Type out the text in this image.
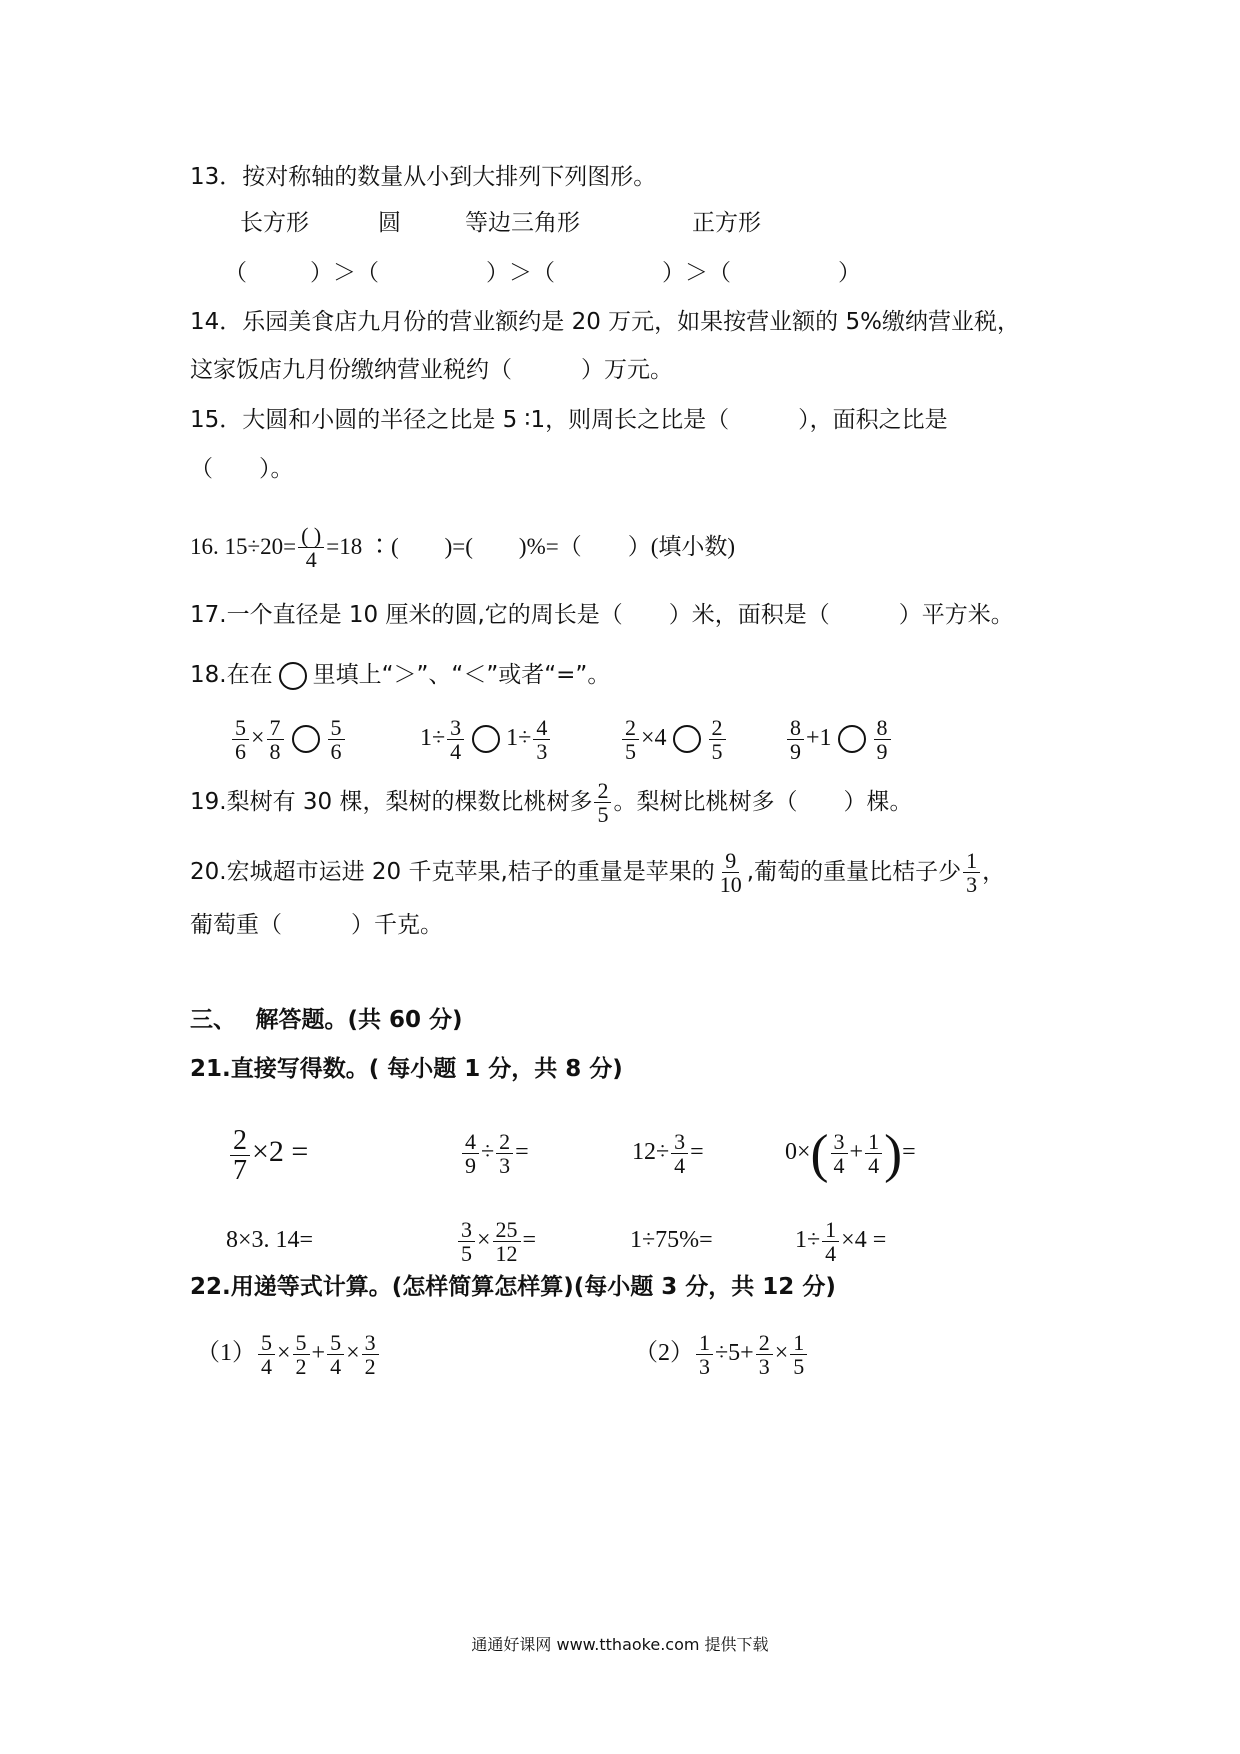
13．按对称轴的数量从小到大排列下列图形。
长方形	圆	等边三角形	正方形
（	）＞（	）＞（	）＞（	）
14．乐园美食店九月份的营业额约是 20 万元，如果按营业额的 5%缴纳营业税，
这家饭店九月份缴纳营业税约（　　　）万元。
15．大圆和小圆的半径之比是 5 ∶1，则周长之比是（　　　），面积之比是
（　　）。
16. $15\div 20= \frac{( )}{4} =18$ ∶(　　)=(　　)%=（　　）(填小数)
17.一个直径是 10 厘米的圆,它的周长是（　　）米，面积是（　　　）平方米。
18.在在 里填上“＞”、“＜”或者“=”。
$\frac{5}{6} \times \frac{7}{8} \frac{5}{6}$	$1\div \frac{3}{4} 1\div \frac{4}{3}$	$\frac{2}{5} \times 4 \frac{2}{5}$	$\frac{8}{9} +1 \frac{8}{9}$
19.梨树有 30 棵，梨树的棵数比桃树多 $\frac{2}{5}$ 。梨树比桃树多（　　）棵。
20.宏城超市运进 20 千克苹果,桔子的重量是苹果的 $\frac{9}{10}$ ,葡萄的重量比桔子少 $\frac{1}{3}$ ，
葡萄重（　　　）千克。
三、　 解答题。(共 60 分)
21.直接写得数。( 每小题 1 分，共 8 分)
$\frac{2}{7} \times 2$ =	$\frac{4}{9} \div \frac{2}{3}$ =	$12\div \frac{3}{4}$ =	$0\times( \frac{3}{4} + \frac{1}{4}$ )=
8×3. 14=	$\frac{3}{5} \times \frac{25}{12}$ =	1÷75%=	$1\div \frac{1}{4} \times 4$ =
22.用递等式计算。(怎样简算怎样算)(每小题 3 分，共 12 分)
$(1) \frac{5}{4} \times \frac{5}{2} + \frac{5}{4} \times \frac{3}{2}$	$(2) \frac{1}{3} \div 5+ \frac{2}{3} \times \frac{1}{5}$
通通好课网 www.tthaoke.com 提供下载
